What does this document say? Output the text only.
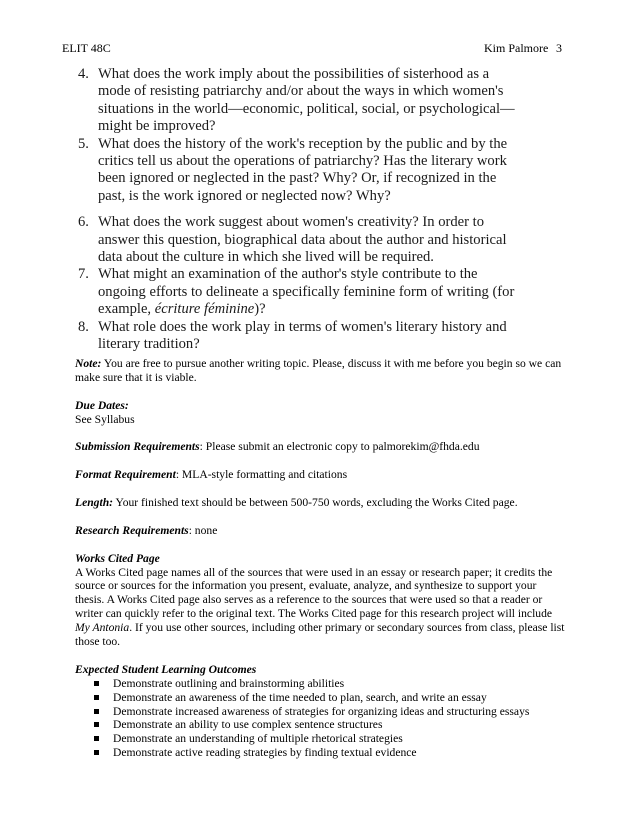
ELIT 48C	Kim Palmore 3

4. What does the work imply about the possibilities of sisterhood as a mode of resisting patriarchy and/or about the ways in which women's situations in the world—economic, political, social, or psychological—might be improved?

5. What does the history of the work's reception by the public and by the critics tell us about the operations of patriarchy? Has the literary work been ignored or neglected in the past? Why? Or, if recognized in the past, is the work ignored or neglected now? Why?

6. What does the work suggest about women's creativity? In order to answer this question, biographical data about the author and historical data about the culture in which she lived will be required.

7. What might an examination of the author's style contribute to the ongoing efforts to delineate a specifically feminine form of writing (for example, écriture féminine)?

8. What role does the work play in terms of women's literary history and literary tradition?

Note: You are free to pursue another writing topic. Please, discuss it with me before you begin so we can make sure that it is viable.

Due Dates:
See Syllabus

Submission Requirements: Please submit an electronic copy to palmorekim@fhda.edu

Format Requirement: MLA-style formatting and citations

Length: Your finished text should be between 500-750 words, excluding the Works Cited page.

Research Requirements: none

Works Cited Page
A Works Cited page names all of the sources that were used in an essay or research paper; it credits the source or sources for the information you present, evaluate, analyze, and synthesize to support your thesis. A Works Cited page also serves as a reference to the sources that were used so that a reader or writer can quickly refer to the original text. The Works Cited page for this research project will include My Antonia. If you use other sources, including other primary or secondary sources from class, please list those too.

Expected Student Learning Outcomes
Demonstrate outlining and brainstorming abilities
Demonstrate an awareness of the time needed to plan, search, and write an essay
Demonstrate increased awareness of strategies for organizing ideas and structuring essays
Demonstrate an ability to use complex sentence structures
Demonstrate an understanding of multiple rhetorical strategies
Demonstrate active reading strategies by finding textual evidence
